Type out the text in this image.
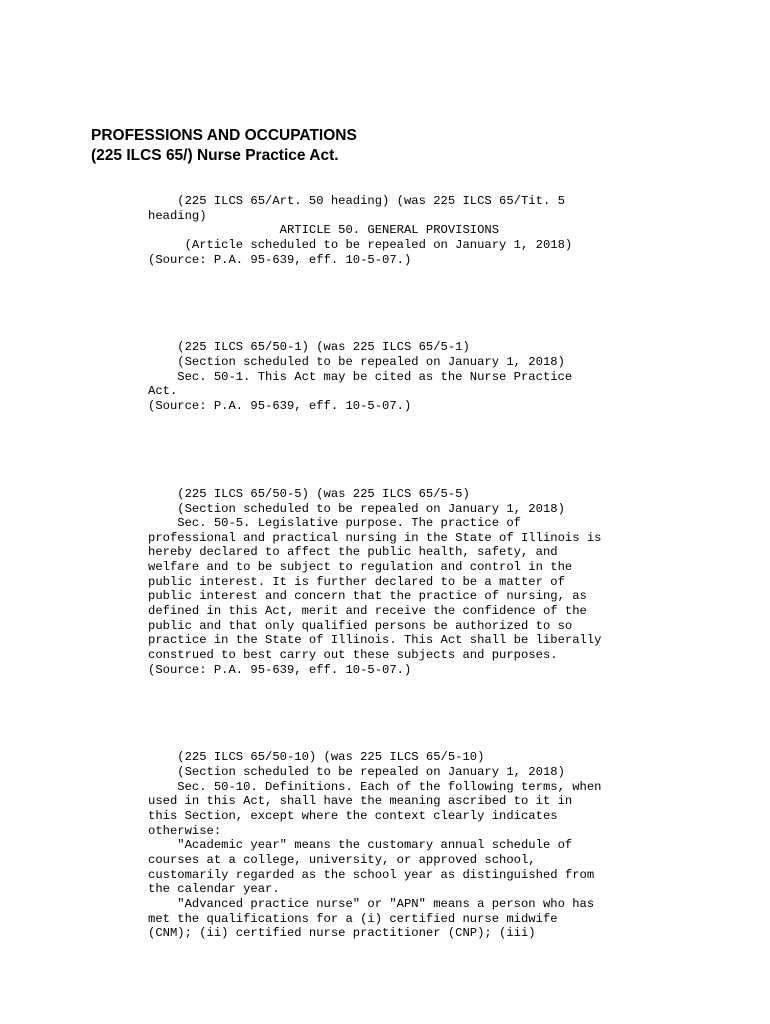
PROFESSIONS AND OCCUPATIONS
(225 ILCS 65/) Nurse Practice Act.
(225 ILCS 65/Art. 50 heading) (was 225 ILCS 65/Tit. 5
heading)
ARTICLE 50. GENERAL PROVISIONS
(Article scheduled to be repealed on January 1, 2018)
(Source: P.A. 95-639, eff. 10-5-07.)
(225 ILCS 65/50-1) (was 225 ILCS 65/5-1)
(Section scheduled to be repealed on January 1, 2018)
Sec. 50-1. This Act may be cited as the Nurse Practice
Act.
(Source: P.A. 95-639, eff. 10-5-07.)
(225 ILCS 65/50-5) (was 225 ILCS 65/5-5)
(Section scheduled to be repealed on January 1, 2018)
Sec. 50-5. Legislative purpose. The practice of
professional and practical nursing in the State of Illinois is
hereby declared to affect the public health, safety, and
welfare and to be subject to regulation and control in the
public interest. It is further declared to be a matter of
public interest and concern that the practice of nursing, as
defined in this Act, merit and receive the confidence of the
public and that only qualified persons be authorized to so
practice in the State of Illinois. This Act shall be liberally
construed to best carry out these subjects and purposes.
(Source: P.A. 95-639, eff. 10-5-07.)
(225 ILCS 65/50-10) (was 225 ILCS 65/5-10)
(Section scheduled to be repealed on January 1, 2018)
Sec. 50-10. Definitions. Each of the following terms, when
used in this Act, shall have the meaning ascribed to it in
this Section, except where the context clearly indicates
otherwise:
"Academic year" means the customary annual schedule of
courses at a college, university, or approved school,
customarily regarded as the school year as distinguished from
the calendar year.
"Advanced practice nurse" or "APN" means a person who has
met the qualifications for a (i) certified nurse midwife
(CNM); (ii) certified nurse practitioner (CNP); (iii)
